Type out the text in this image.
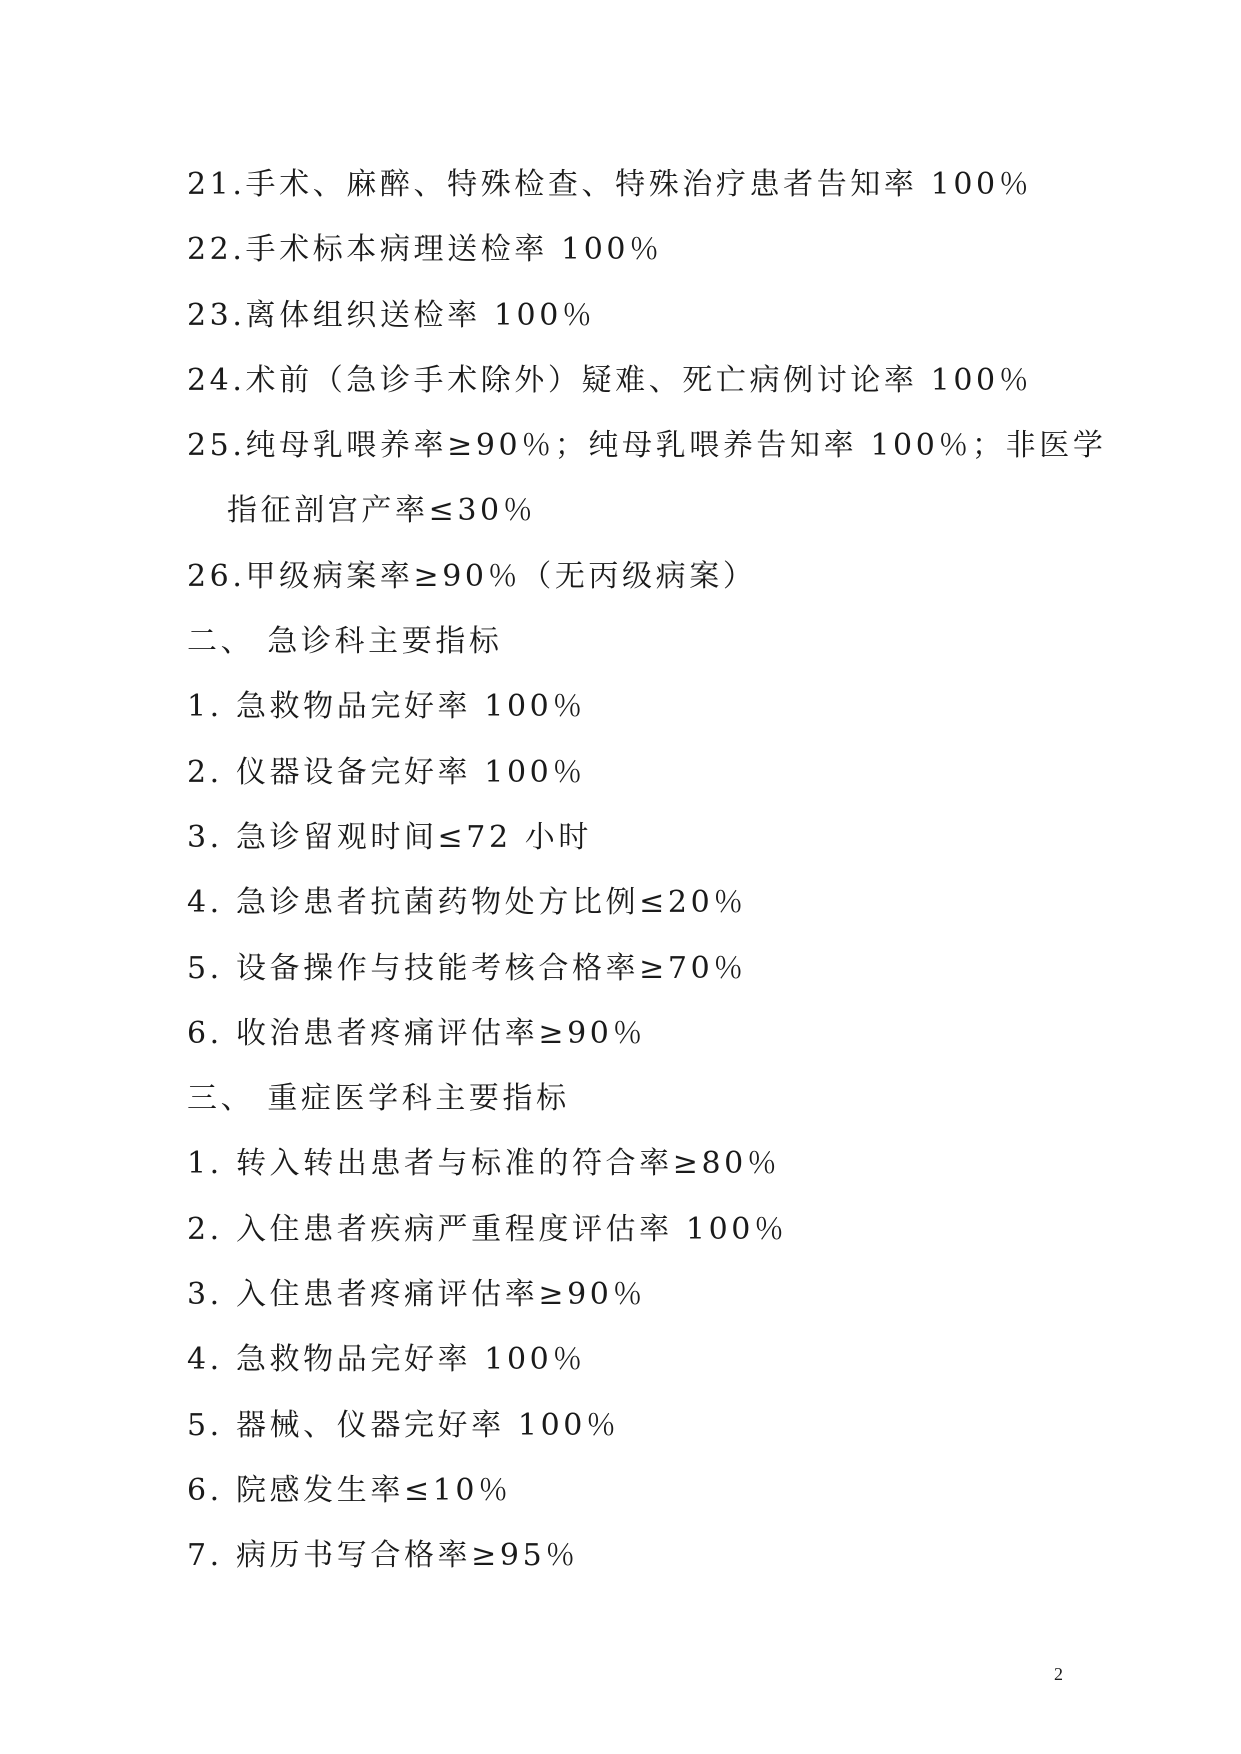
21.手术、麻醉、特殊检查、特殊治疗患者告知率 100％
22.手术标本病理送检率 100％
23.离体组织送检率 100％
24.术前（急诊手术除外）疑难、死亡病例讨论率 100％
25.纯母乳喂养率≥90％；纯母乳喂养告知率 100％；非医学
指征剖宫产率≤30％
26.甲级病案率≥90％（无丙级病案）
二、 急诊科主要指标
1. 急救物品完好率 100％
2. 仪器设备完好率 100％
3. 急诊留观时间≤72 小时
4. 急诊患者抗菌药物处方比例≤20％
5. 设备操作与技能考核合格率≥70％
6. 收治患者疼痛评估率≥90％
三、 重症医学科主要指标
1. 转入转出患者与标准的符合率≥80％
2. 入住患者疾病严重程度评估率 100％
3. 入住患者疼痛评估率≥90％
4. 急救物品完好率 100％
5. 器械、仪器完好率 100％
6. 院感发生率≤10％
7. 病历书写合格率≥95％
2
